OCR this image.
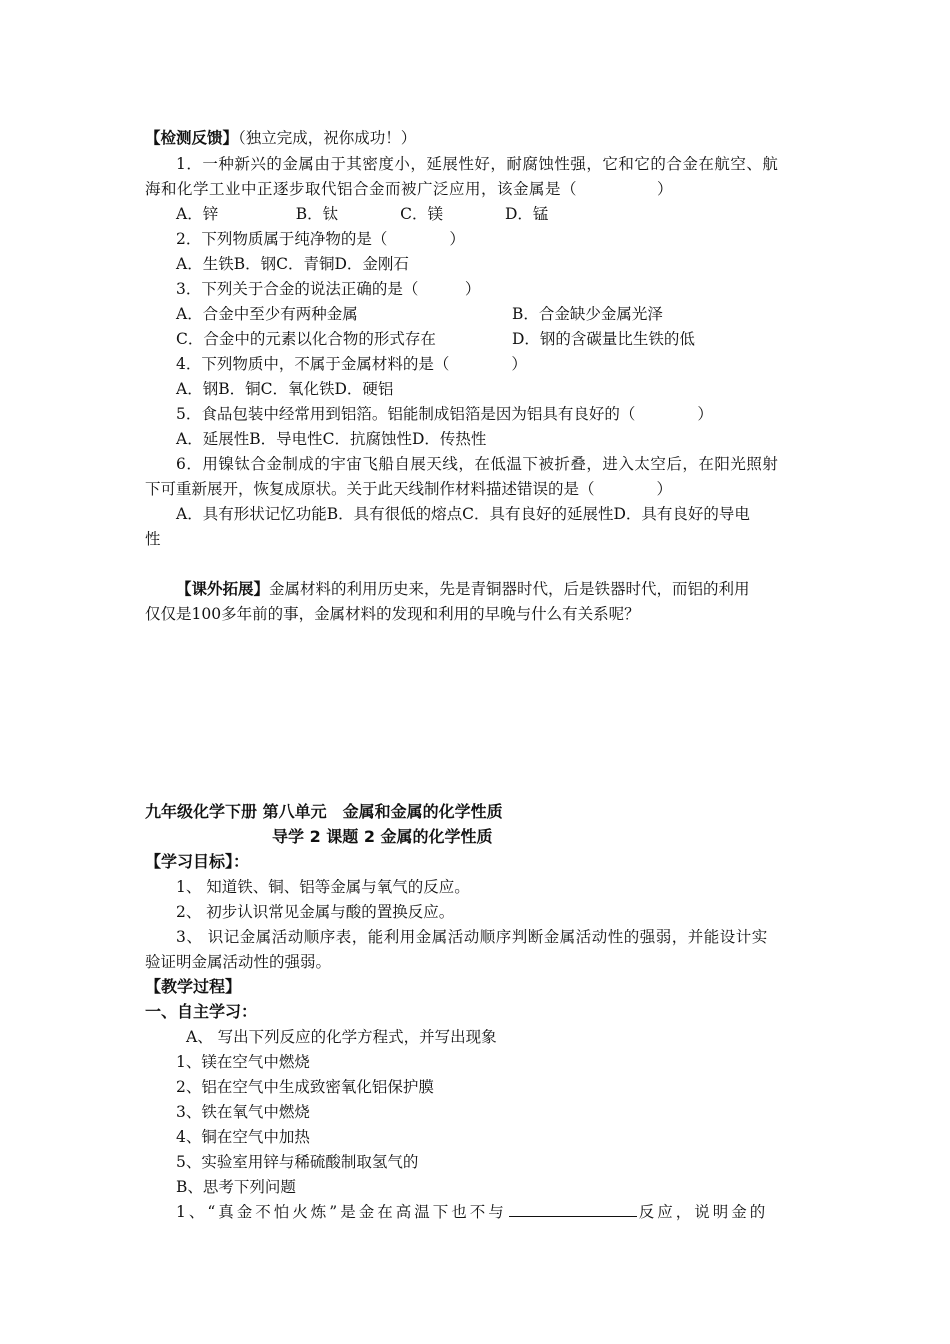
【检测反馈】（独立完成，祝你成功！）
1．一种新兴的金属由于其密度小，延展性好，耐腐蚀性强，它和它的合金在航空、航
海和化学工业中正逐步取代铝合金而被广泛应用，该金属是（　　　　　）
A．锌　　　　　B．钛　　　　C．镁　　　　D．锰
2．下列物质属于纯净物的是（　　　　）
A．生铁B．钢C．青铜D．金刚石
3．下列关于合金的说法正确的是（　　　）
A．合金中至少有两种金属	B．合金缺少金属光泽
C．合金中的元素以化合物的形式存在	D．钢的含碳量比生铁的低
4．下列物质中，不属于金属材料的是（　　　　）
A．钢B．铜C．氧化铁D．硬铝
5．食品包装中经常用到铝箔。铝能制成铝箔是因为铝具有良好的（　　　　）
A．延展性B．导电性C．抗腐蚀性D．传热性
6．用镍钛合金制成的宇宙飞船自展天线，在低温下被折叠，进入太空后，在阳光照射
下可重新展开，恢复成原状。关于此天线制作材料描述错误的是（　　　　）
A．具有形状记忆功能B．具有很低的熔点C．具有良好的延展性D．具有良好的导电
性
【课外拓展】金属材料的利用历史来，先是青铜器时代，后是铁器时代，而铝的利用
仅仅是100多年前的事，金属材料的发现和利用的早晚与什么有关系呢？
九年级化学下册 第八单元　金属和金属的化学性质
导学 2 课题 2 金属的化学性质
【学习目标】：
1、 知道铁、铜、铝等金属与氧气的反应。
2、 初步认识常见金属与酸的置换反应。
3、 识记金属活动顺序表，能利用金属活动顺序判断金属活动性的强弱，并能设计实
验证明金属活动性的强弱。
【教学过程】
一、自主学习：
A、 写出下列反应的化学方程式，并写出现象
1、镁在空气中燃烧
2、铝在空气中生成致密氧化铝保护膜
3、铁在氧气中燃烧
4、铜在空气中加热
5、实验室用锌与稀硫酸制取氢气的
B、思考下列问题
1、“真金不怕火炼”是金在高温下也不与	反应，说明金的
